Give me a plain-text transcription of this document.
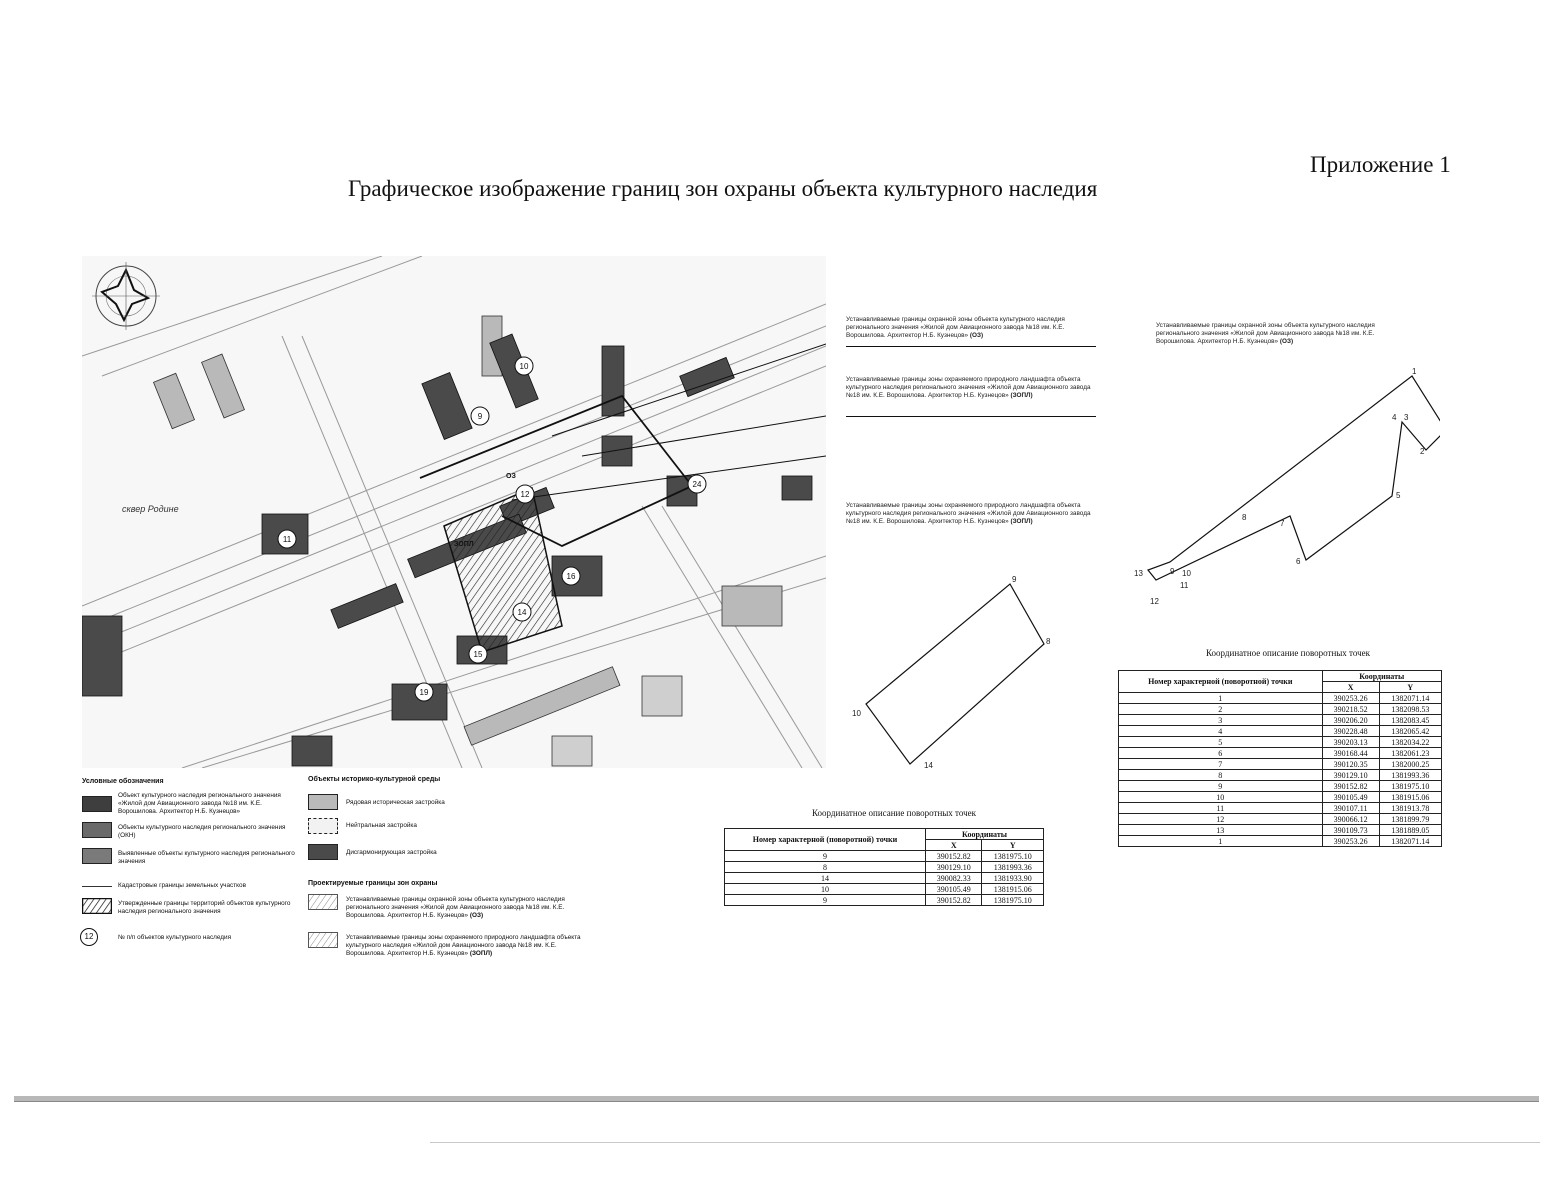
Приложение 1
Графическое изображение границ зон охраны объекта культурного наследия
10
9
11
12
24
16
14
15
19
сквер Родине
ЗОПЛ
ОЗ
Устанавливаемые границы охранной зоны объекта культурного наследия регионального значения «Жилой дом Авиационного завода №18 им. К.Е. Ворошилова. Архитектор Н.Б. Кузнецов» (ОЗ)
Устанавливаемые границы зоны охраняемого природного ландшафта объекта культурного наследия регионального значения «Жилой дом Авиационного завода №18 им. К.Е. Ворошилова. Архитектор Н.Б. Кузнецов» (ЗОПЛ)
Устанавливаемые границы зоны охраняемого природного ландшафта объекта культурного наследия регионального значения «Жилой дом Авиационного завода №18 им. К.Е. Ворошилова. Архитектор Н.Б. Кузнецов» (ЗОПЛ)
9
8
14
10
Устанавливаемые границы охранной зоны объекта культурного наследия регионального значения «Жилой дом Авиационного завода №18 им. К.Е. Ворошилова. Архитектор Н.Б. Кузнецов» (ОЗ)
1
2
3
4
5
6
7
8
9 10
11
12
13
Координатное описание поворотных точек
Номер характерной (поворотной) точки	Координаты	
	X	Y
1	390253.26	1382071.14
2	390218.52	1382098.53
3	390206.20	1382083.45
4	390228.48	1382065.42
5	390203.13	1382034.22
6	390168.44	1382061.23
7	390120.35	1382000.25
8	390129.10	1381993.36
9	390152.82	1381975.10
10	390105.49	1381915.06
11	390107.11	1381913.78
12	390066.12	1381899.79
13	390109.73	1381889.05
1	390253.26	1382071.14
Координатное описание поворотных точек
Номер характерной (поворотной) точки	Координаты	
	X	Y
9	390152.82	1381975.10
8	390129.10	1381993.36
14	390082.33	1381933.90
10	390105.49	1381915.06
9	390152.82	1381975.10
Условные обозначения
Объект культурного наследия регионального значения «Жилой дом Авиационного завода №18 им. К.Е. Ворошилова. Архитектор Н.Б. Кузнецов»
Объекты культурного наследия регионального значения (ОКН)
Выявленные объекты культурного наследия регионального значения
Кадастровые границы земельных участков
Утвержденные границы территорий объектов культурного наследия регионального значения
12	№ п/п объектов культурного наследия
Объекты историко-культурной среды
Рядовая историческая застройка
Нейтральная застройка
Дисгармонирующая застройка
Проектируемые границы зон охраны
Устанавливаемые границы охранной зоны объекта культурного наследия регионального значения «Жилой дом Авиационного завода №18 им. К.Е. Ворошилова. Архитектор Н.Б. Кузнецов» (ОЗ)
Устанавливаемые границы зоны охраняемого природного ландшафта объекта культурного наследия «Жилой дом Авиационного завода №18 им. К.Е. Ворошилова. Архитектор Н.Б. Кузнецов» (ЗОПЛ)
